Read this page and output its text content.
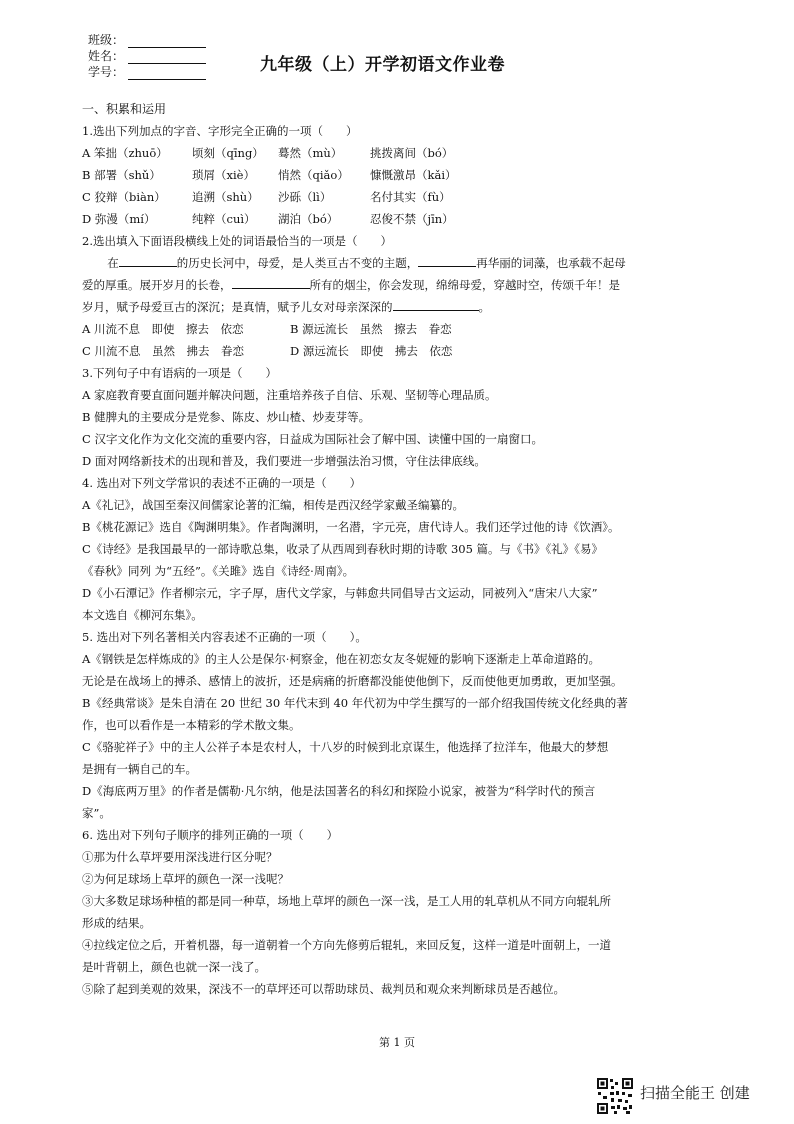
班级：
姓名：
学号：	九年级（上）开学初语文作业卷

一、积累和运用

1.选出下列加点的字音、字形完全正确的一项（　　）

A 笨拙（zhuō）	顷刻（qīng）	蓦然（mù）	挑拨离间（bó）
B 部署（shǔ）	琐屑（xiè）	悄然（qiǎo）	慷慨激昂（kǎi）
C 狡辩（biàn）	追溯（shù）	沙砾（lì）	名付其实（fù）
D 弥漫（mí）	纯粹（cuì）	湖泊（bó）	忍俊不禁（jīn）

2.选出填入下面语段横线上处的词语最恰当的一项是（　　）

在	的历史长河中，母爱，是人类亘古不变的主题，	再华丽的词藻，也承载不起母

爱的厚重。展开岁月的长卷，	所有的烟尘，你会发现，绵绵母爱，穿越时空，传颂千年！是

岁月，赋予母爱亘古的深沉；是真情，赋予儿女对母亲深深的	。

A 川流不息　即使　擦去　依恋	B 源远流长　虽然　擦去　眷恋
C 川流不息　虽然　拂去　眷恋	D 源远流长　即使　拂去　依恋

3.下列句子中有语病的一项是（　　）

A 家庭教育要直面问题并解决问题，注重培养孩子自信、乐观、坚韧等心理品质。

B 健脾丸的主要成分是党参、陈皮、炒山楂、炒麦芽等。

C 汉字文化作为文化交流的重要内容，日益成为国际社会了解中国、读懂中国的一扇窗口。

D 面对网络新技术的出现和普及，我们要进一步增强法治习惯，守住法律底线。

4. 选出对下列文学常识的表述不正确的一项是（　　）

A《礼记》，战国至秦汉间儒家论著的汇编，相传是西汉经学家戴圣编纂的。

B《桃花源记》选自《陶渊明集》。作者陶渊明，一名潜，字元亮，唐代诗人。我们还学过他的诗《饮酒》。

C《诗经》是我国最早的一部诗歌总集，收录了从西周到春秋时期的诗歌 305 篇。与《书》《礼》《易》

《春秋》同列 为“五经”。《关雎》选自《诗经·周南》。

D《小石潭记》作者柳宗元，字子厚，唐代文学家，与韩愈共同倡导古文运动，同被列入“唐宋八大家”

本文选自《柳河东集》。

5. 选出对下列名著相关内容表述不正确的一项（　　）。

A《钢铁是怎样炼成的》的主人公是保尔·柯察金，他在初恋女友冬妮娅的影响下逐渐走上革命道路的。

无论是在战场上的搏杀、感情上的波折，还是病痛的折磨都没能使他倒下，反而使他更加勇敢，更加坚强。

B《经典常谈》是朱自清在 20 世纪 30 年代末到 40 年代初为中学生撰写的一部介绍我国传统文化经典的著

作，也可以看作是一本精彩的学术散文集。

C《骆驼祥子》中的主人公祥子本是农村人，十八岁的时候到北京谋生，他选择了拉洋车，他最大的梦想

是拥有一辆自己的车。

D《海底两万里》的作者是儒勒·凡尔纳，他是法国著名的科幻和探险小说家，被誉为“科学时代的预言

家”。

6. 选出对下列句子顺序的排列正确的一项（　　）

①那为什么草坪要用深浅进行区分呢？

②为何足球场上草坪的颜色一深一浅呢？

③大多数足球场种植的都是同一种草，场地上草坪的颜色一深一浅，是工人用的轧草机从不同方向辊轧所

形成的结果。

④拉线定位之后，开着机器，每一道朝着一个方向先修剪后辊轧，来回反复，这样一道是叶面朝上，一道

是叶背朝上，颜色也就一深一浅了。

⑤除了起到美观的效果，深浅不一的草坪还可以帮助球员、裁判员和观众来判断球员是否越位。

第 1 页
扫描全能王 创建
